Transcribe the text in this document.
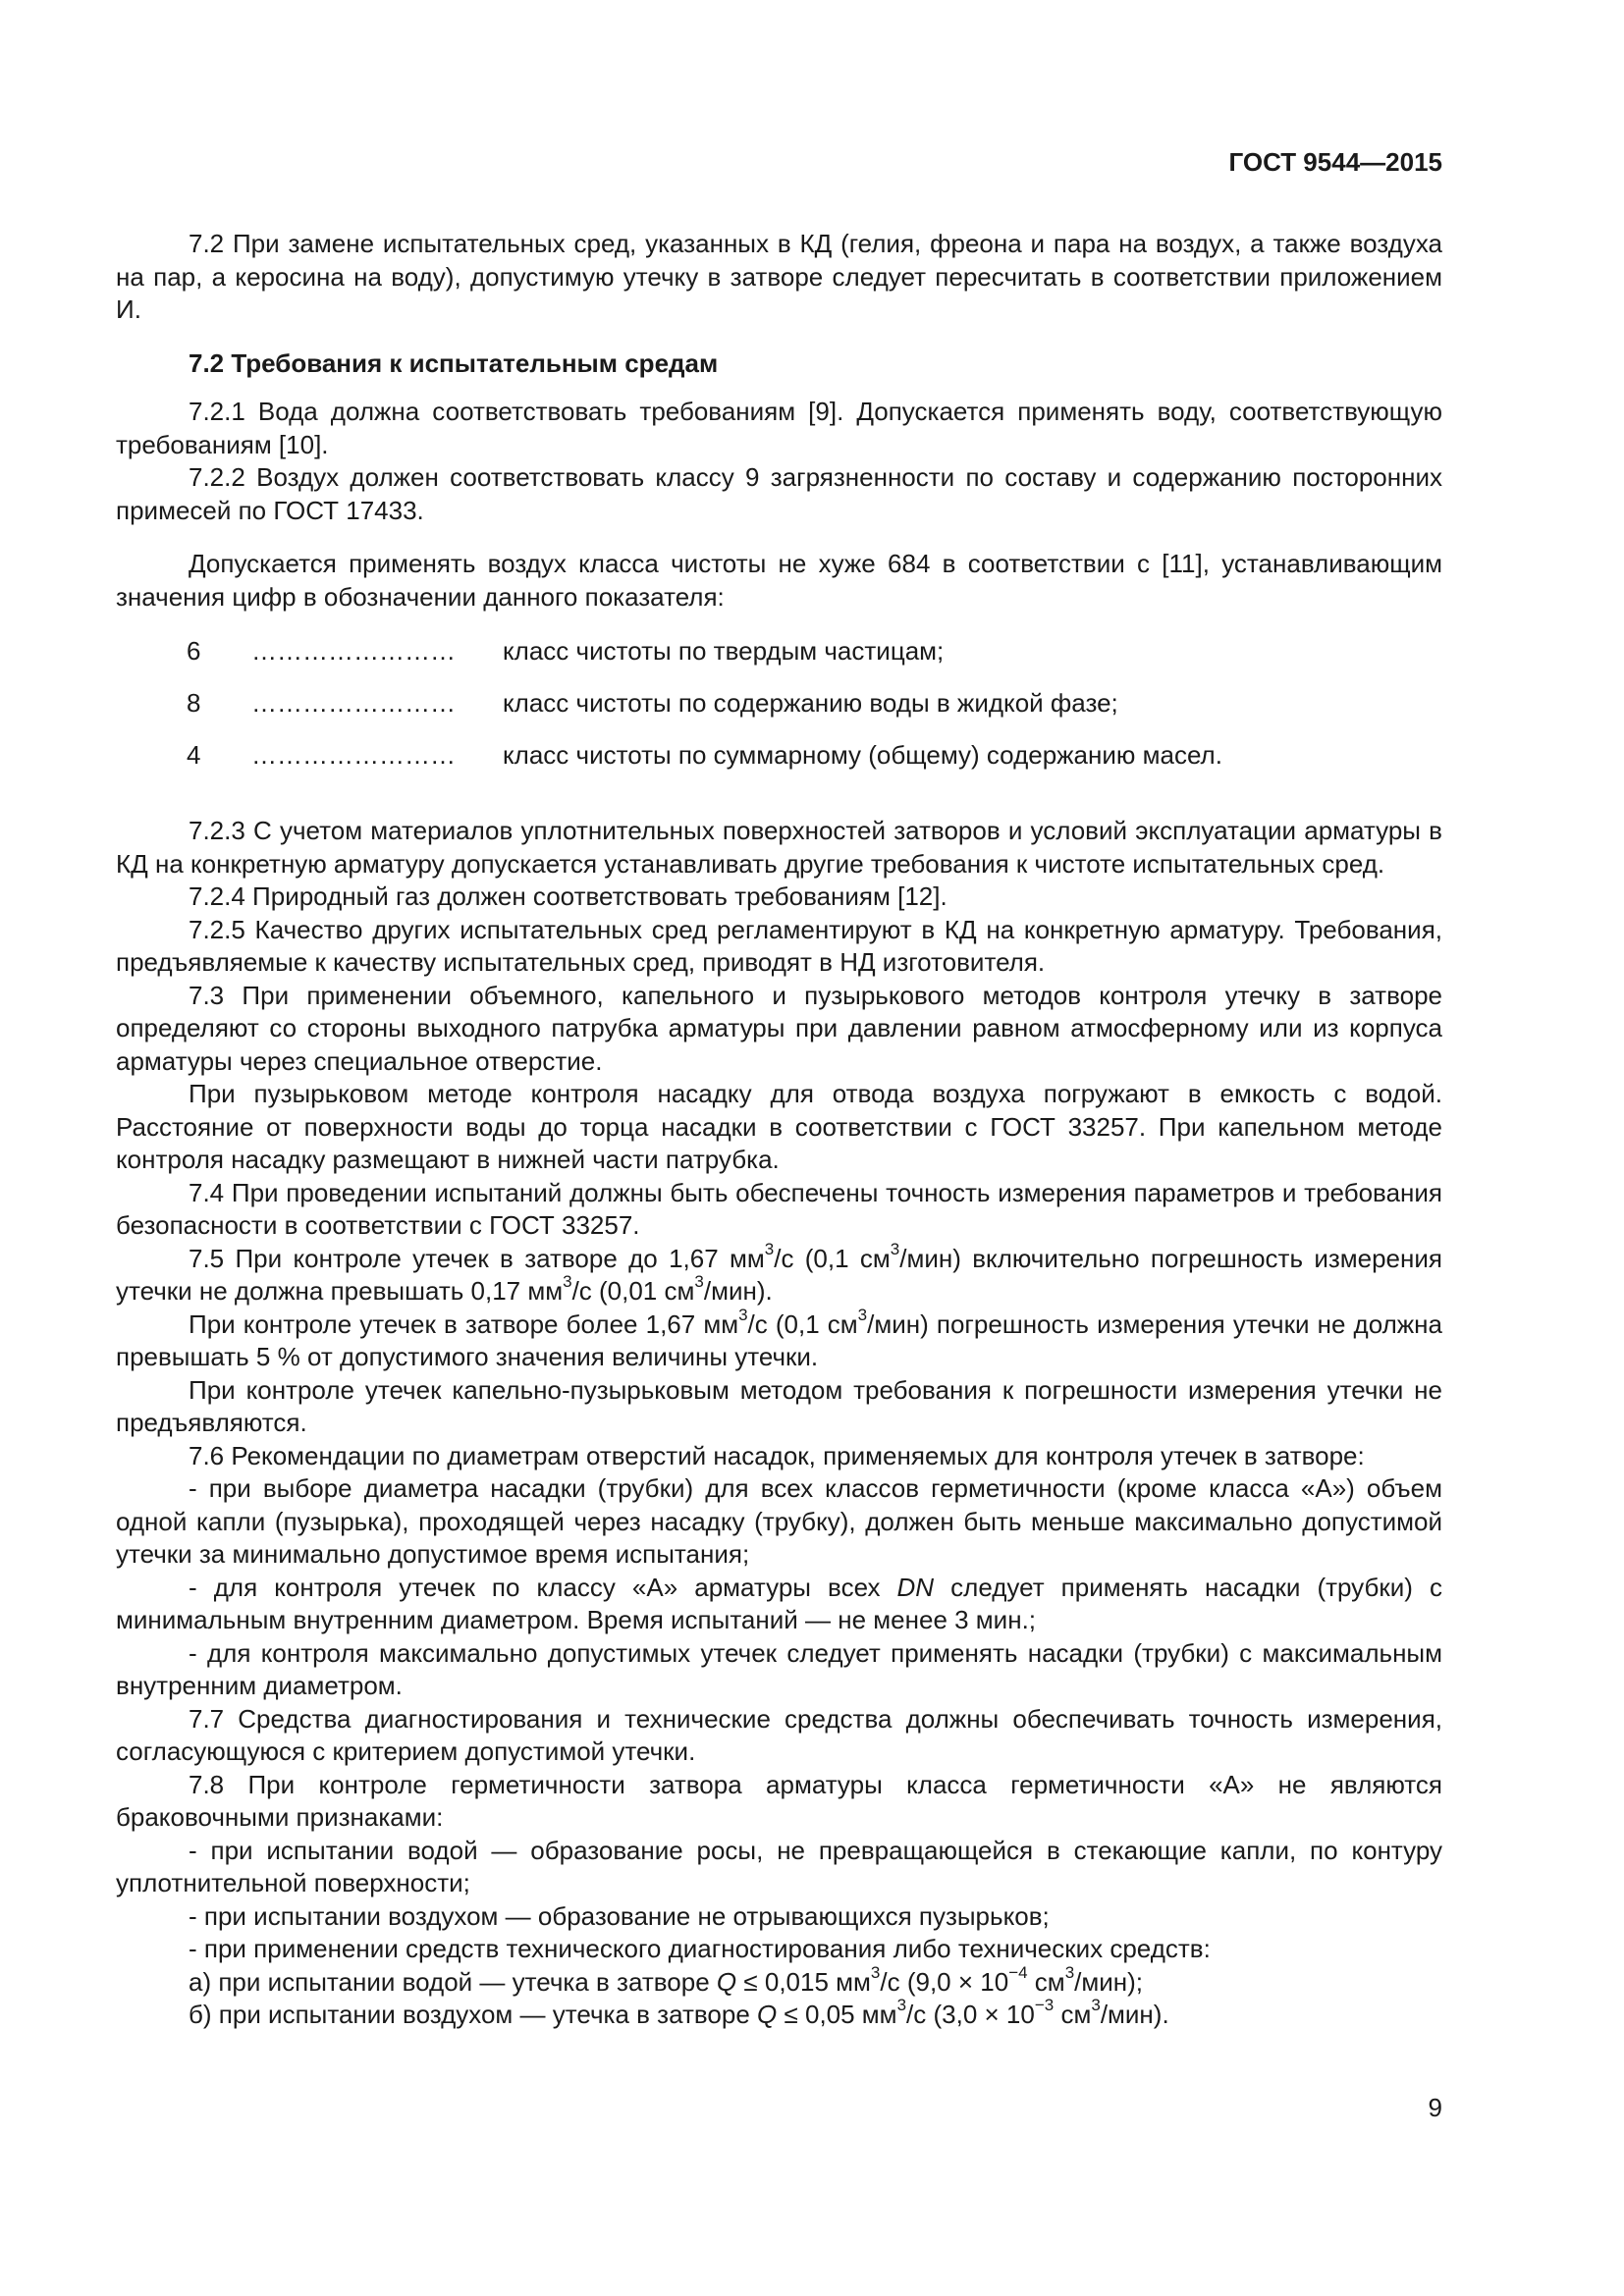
ГОСТ 9544—2015

7.2 При замене испытательных сред, указанных в КД (гелия, фреона и пара на воздух, а также воздуха на пар, а керосина на воду), допустимую утечку в затворе следует пересчитать в соответствии приложением И.

7.2 Требования к испытательным средам

7.2.1 Вода должна соответствовать требованиям [9]. Допускается применять воду, соответствующую требованиям [10].

7.2.2 Воздух должен соответствовать классу 9 загрязненности по составу и содержанию посторонних примесей по ГОСТ 17433.

Допускается применять воздух класса чистоты не хуже 684 в соответствии с [11], устанавливающим значения цифр в обозначении данного показателя:

6	……………………	класс чистоты по твердым частицам;
8	……………………	класс чистоты по содержанию воды в жидкой фазе;
4	……………………	класс чистоты по суммарному (общему) содержанию масел.

7.2.3 С учетом материалов уплотнительных поверхностей затворов и условий эксплуатации арматуры в КД на конкретную арматуру допускается устанавливать другие требования к чистоте испытательных сред.

7.2.4 Природный газ должен соответствовать требованиям [12].

7.2.5 Качество других испытательных сред регламентируют в КД на конкретную арматуру. Требования, предъявляемые к качеству испытательных сред, приводят в НД изготовителя.

7.3 При применении объемного, капельного и пузырькового методов контроля утечку в затворе определяют со стороны выходного патрубка арматуры при давлении равном атмосферному или из корпуса арматуры через специальное отверстие.

При пузырьковом методе контроля насадку для отвода воздуха погружают в емкость с водой. Расстояние от поверхности воды до торца насадки в соответствии с ГОСТ 33257. При капельном методе контроля насадку размещают в нижней части патрубка.

7.4 При проведении испытаний должны быть обеспечены точность измерения параметров и требования безопасности в соответствии с ГОСТ 33257.

7.5 При контроле утечек в затворе до 1,67 $мм^3/с$ (0,1 $см^3/мин$) включительно погрешность измерения утечки не должна превышать 0,17 $мм^3/с$ (0,01 $см^3/мин$).

При контроле утечек в затворе более 1,67 $мм^3/с$ (0,1 $см^3/мин$) погрешность измерения утечки не должна превышать 5 % от допустимого значения величины утечки.

При контроле утечек капельно-пузырьковым методом требования к погрешности измерения утечки не предъявляются.

7.6 Рекомендации по диаметрам отверстий насадок, применяемых для контроля утечек в затворе:

- при выборе диаметра насадки (трубки) для всех классов герметичности (кроме класса «А») объем одной капли (пузырька), проходящей через насадку (трубку), должен быть меньше максимально допустимой утечки за минимально допустимое время испытания;

- для контроля утечек по классу «А» арматуры всех DN следует применять насадки (трубки) с минимальным внутренним диаметром. Время испытаний — не менее 3 мин.;

- для контроля максимально допустимых утечек следует применять насадки (трубки) с максимальным внутренним диаметром.

7.7 Средства диагностирования и технические средства должны обеспечивать точность измерения, согласующуюся с критерием допустимой утечки.

7.8 При контроле герметичности затвора арматуры класса герметичности «А» не являются браковочными признаками:

- при испытании водой — образование росы, не превращающейся в стекающие капли, по контуру уплотнительной поверхности;

- при испытании воздухом — образование не отрывающихся пузырьков;

- при применении средств технического диагностирования либо технических средств:

а) при испытании водой — утечка в затворе Q ≤ 0,015 $мм^3/с$ ($9,0 \times 10^{-4}$ $см^3/мин$);

б) при испытании воздухом — утечка в затворе Q ≤ 0,05 $мм^3/с$ ($3,0 \times 10^{-3}$ $см^3/мин$).

9
